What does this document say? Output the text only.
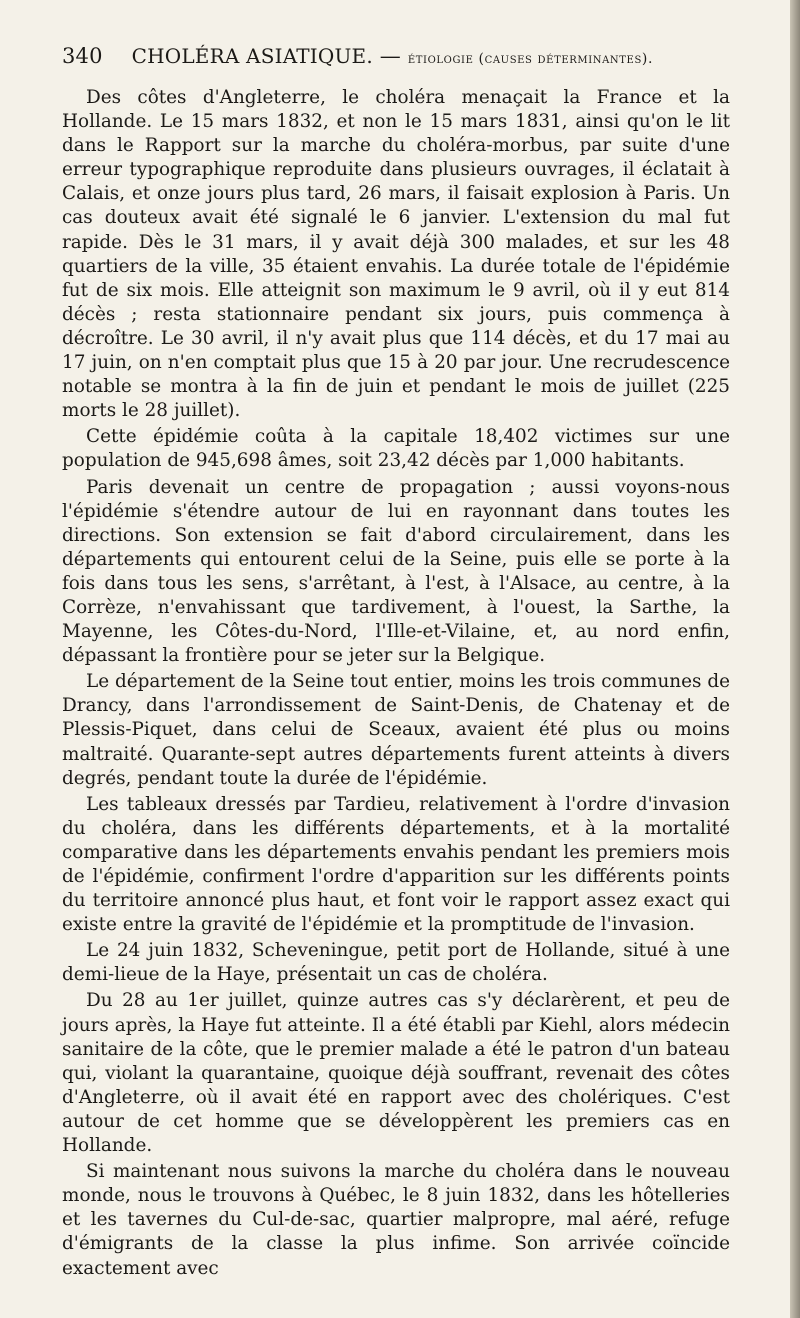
340 CHOLÉRA ASIATIQUE. — étiologie (causes déterminantes).

Des côtes d'Angleterre, le choléra menaçait la France et la Hollande. Le 15 mars 1832, et non le 15 mars 1831, ainsi qu'on le lit dans le Rapport sur la marche du choléra-morbus, par suite d'une erreur typographique reproduite dans plusieurs ouvrages, il éclatait à Calais, et onze jours plus tard, 26 mars, il faisait explosion à Paris. Un cas douteux avait été signalé le 6 janvier. L'extension du mal fut rapide. Dès le 31 mars, il y avait déjà 300 malades, et sur les 48 quartiers de la ville, 35 étaient envahis. La durée totale de l'épidémie fut de six mois. Elle atteignit son maximum le 9 avril, où il y eut 814 décès ; resta stationnaire pendant six jours, puis commença à décroître. Le 30 avril, il n'y avait plus que 114 décès, et du 17 mai au 17 juin, on n'en comptait plus que 15 à 20 par jour. Une recrudescence notable se montra à la fin de juin et pendant le mois de juillet (225 morts le 28 juillet).

Cette épidémie coûta à la capitale 18,402 victimes sur une population de 945,698 âmes, soit 23,42 décès par 1,000 habitants.

Paris devenait un centre de propagation ; aussi voyons-nous l'épidémie s'étendre autour de lui en rayonnant dans toutes les directions. Son extension se fait d'abord circulairement, dans les départements qui entourent celui de la Seine, puis elle se porte à la fois dans tous les sens, s'arrêtant, à l'est, à l'Alsace, au centre, à la Corrèze, n'envahissant que tardivement, à l'ouest, la Sarthe, la Mayenne, les Côtes-du-Nord, l'Ille-et-Vilaine, et, au nord enfin, dépassant la frontière pour se jeter sur la Belgique.

Le département de la Seine tout entier, moins les trois communes de Drancy, dans l'arrondissement de Saint-Denis, de Chatenay et de Plessis-Piquet, dans celui de Sceaux, avaient été plus ou moins maltraité. Quarante-sept autres départements furent atteints à divers degrés, pendant toute la durée de l'épidémie.

Les tableaux dressés par Tardieu, relativement à l'ordre d'invasion du choléra, dans les différents départements, et à la mortalité comparative dans les départements envahis pendant les premiers mois de l'épidémie, confirment l'ordre d'apparition sur les différents points du territoire annoncé plus haut, et font voir le rapport assez exact qui existe entre la gravité de l'épidémie et la promptitude de l'invasion.

Le 24 juin 1832, Scheveningue, petit port de Hollande, situé à une demi-lieue de la Haye, présentait un cas de choléra.

Du 28 au 1er juillet, quinze autres cas s'y déclarèrent, et peu de jours après, la Haye fut atteinte. Il a été établi par Kiehl, alors médecin sanitaire de la côte, que le premier malade a été le patron d'un bateau qui, violant la quarantaine, quoique déjà souffrant, revenait des côtes d'Angleterre, où il avait été en rapport avec des cholériques. C'est autour de cet homme que se développèrent les premiers cas en Hollande.

Si maintenant nous suivons la marche du choléra dans le nouveau monde, nous le trouvons à Québec, le 8 juin 1832, dans les hôtelleries et les tavernes du Cul-de-sac, quartier malpropre, mal aéré, refuge d'émigrants de la classe la plus infime. Son arrivée coïncide exactement avec
